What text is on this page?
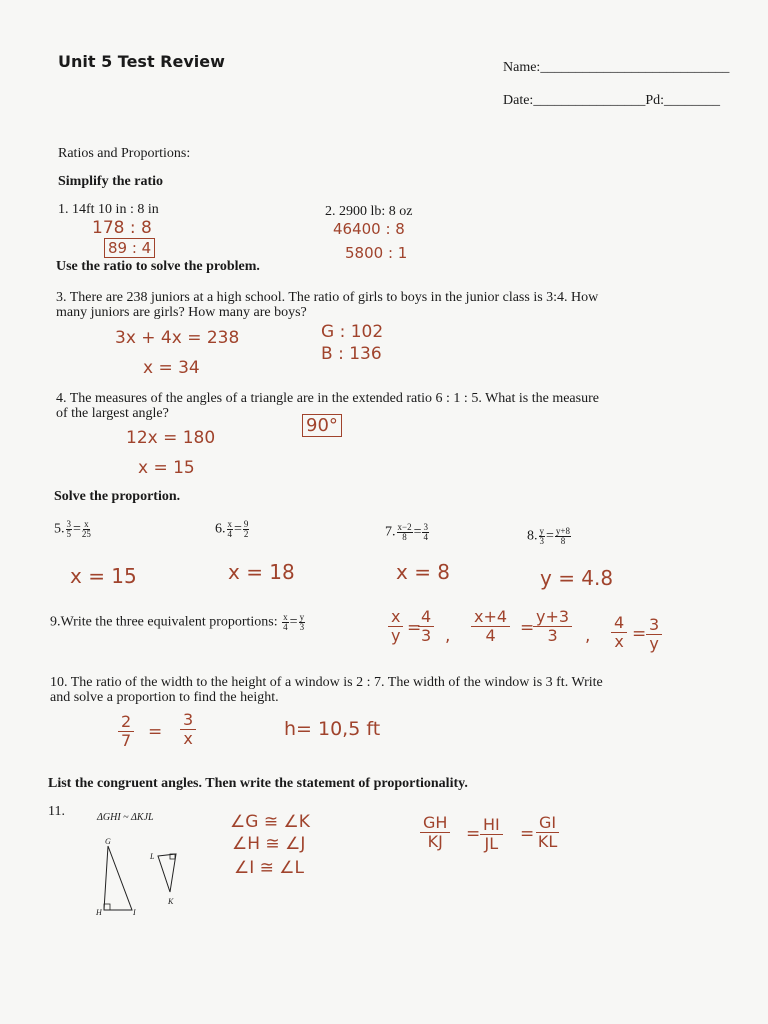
Unit 5 Test Review	Name:___________________________
Date:________________Pd:________
Ratios and Proportions:
Simplify the ratio
1. 14ft 10 in : 8 in
178 : 8
89 : 4
2. 2900 lb: 8 oz
46400 : 8
5800 : 1
Use the ratio to solve the problem.
3. There are 238 juniors at a high school. The ratio of girls to boys in the junior class is 3:4. How
many juniors are girls? How many are boys?
3x + 4x = 238
x = 34
G : 102
B : 136
4. The measures of the angles of a triangle are in the extended ratio 6 : 1 : 5. What is the measure
of the largest angle?
90°
12x = 180
x = 15
Solve the proportion.
5. $\frac{3}{5} = \frac{x}{25}$	6. $\frac{x}{4} = \frac{9}{2}$	7. $\frac{x-2}{8} = \frac{3}{4}$	8. $\frac{y}{3} = \frac{y+8}{8}$
x = 15	x = 18	x = 8	y = 4.8
9.Write the three equivalent proportions: $\frac{x}{4} = \frac{y}{3}$	x
y =
4
3 ,
x+4
4 =
y+3
3 ,
4
x = 3
y
10. The ratio of the width to the height of a window is 2 : 7. The width of the window is 3 ft. Write
and solve a proportion to find the height.
2
7 =
3
x	h= 10,5 ft
List the congruent angles. Then write the statement of proportionality.
11.	ΔGHI ~ ΔKJL
G
H	I
L
K
∠G ≅ ∠K
∠H ≅ ∠J
∠I ≅ ∠L
GH
KJ = HI
JL =
GI
KL
